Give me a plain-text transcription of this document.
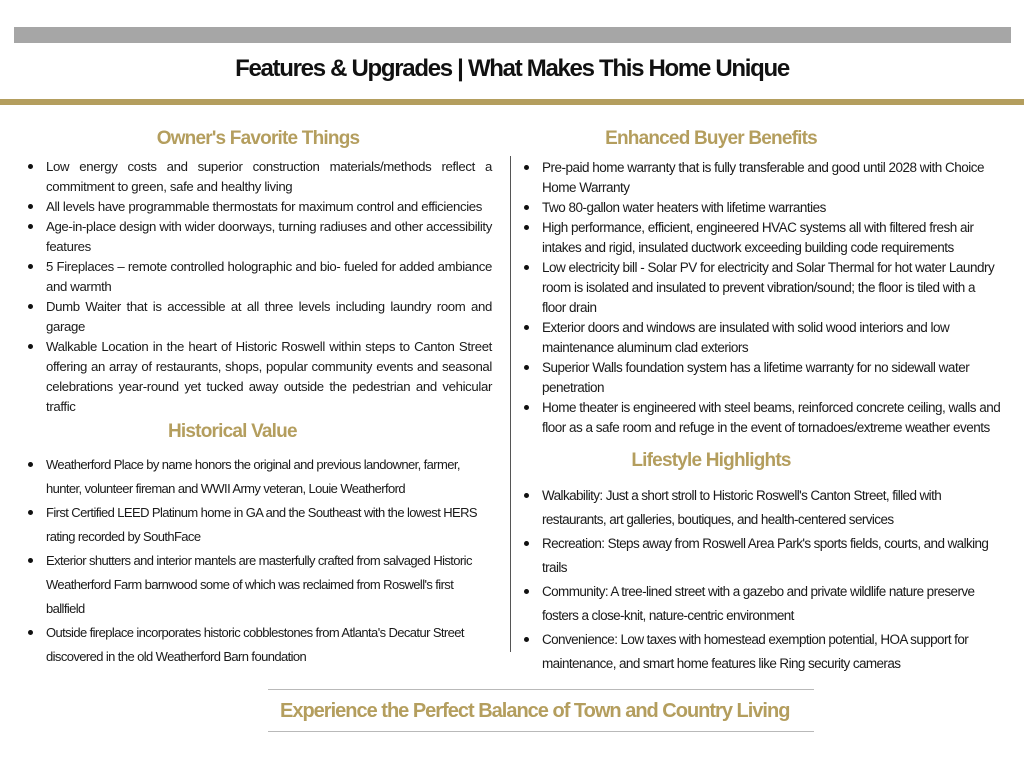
Features & Upgrades | What Makes This Home Unique
Owner's Favorite Things
Low energy costs and superior construction materials/methods reflect a commitment to green, safe and healthy living
All levels have programmable thermostats for maximum control and efficiencies
Age-in-place design with wider doorways, turning radiuses and other accessibility features
5 Fireplaces – remote controlled holographic and bio- fueled for added ambiance and warmth
Dumb Waiter that is accessible at all three levels including laundry room and garage
Walkable Location in the heart of Historic Roswell within steps to Canton Street offering an array of restaurants, shops, popular community events and seasonal celebrations year-round yet tucked away outside the pedestrian and vehicular traffic
Historical Value
Weatherford Place by name honors the original and previous landowner, farmer, hunter, volunteer fireman and WWII Army veteran, Louie Weatherford
First Certified LEED Platinum home in GA and the Southeast with the lowest HERS rating recorded by SouthFace
Exterior shutters and interior mantels are masterfully crafted from salvaged Historic Weatherford Farm barnwood some of which was reclaimed from Roswell's first ballfield
Outside fireplace incorporates historic cobblestones from Atlanta's Decatur Street discovered in the old Weatherford Barn foundation
Enhanced Buyer Benefits
Pre-paid home warranty that is fully transferable and good until 2028 with Choice Home Warranty
Two 80-gallon water heaters with lifetime warranties
High performance, efficient, engineered HVAC systems all with filtered fresh air intakes and rigid, insulated ductwork exceeding building code requirements
Low electricity bill - Solar PV for electricity and Solar Thermal for hot water Laundry room is isolated and insulated to prevent vibration/sound; the floor is tiled with a floor drain
Exterior doors and windows are insulated with solid wood interiors and low maintenance aluminum clad exteriors
Superior Walls foundation system has a lifetime warranty for no sidewall water penetration
Home theater is engineered with steel beams, reinforced concrete ceiling, walls and floor as a safe room and refuge in the event of tornadoes/extreme weather events
Lifestyle Highlights
Walkability: Just a short stroll to Historic Roswell's Canton Street, filled with restaurants, art galleries, boutiques, and health-centered services
Recreation: Steps away from Roswell Area Park's sports fields, courts, and walking trails
Community: A tree-lined street with a gazebo and private wildlife nature preserve fosters a close-knit, nature-centric environment
Convenience: Low taxes with homestead exemption potential, HOA support for maintenance, and smart home features like Ring security cameras
Experience the Perfect Balance of Town and Country Living
